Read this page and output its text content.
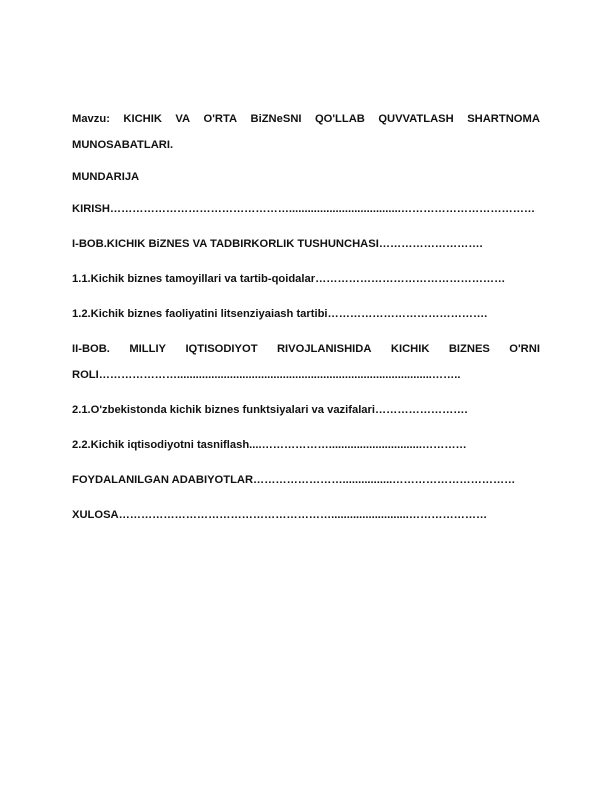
Mavzu: KICHIK VA O'RTA BiZNeSNI QO'LLAB QUVVATLASH SHARTNOMA
MUNOSABATLARI.
MUNDARIJA
KIRISH…………………………………………....................................………………………………
I-BOB.KICHIK BiZNES VA TADBIRKORLIK TUSHUNCHASI……………………….
1.1.Kichik biznes tamoyillari va tartib-qoidalar……………………………………………
1.2.Kichik biznes faoliyatini litsenziyaiash tartibi…………………………………….
II-BOB. MILLIY IQTISODIYOT RIVOJLANISHIDA KICHIK BIZNES O'RNI
ROLI…………………..................................................................................……..
2.1.O'zbekistonda kichik biznes funktsiyalari va vazifalari…………………….
2.2.Kichik iqtisodiyotni tasniflash....………………..............................…………
FOYDALANILGAN ADABIYOTLAR……………………................……………………………
XULOSA………………………………………………….........................…………………
